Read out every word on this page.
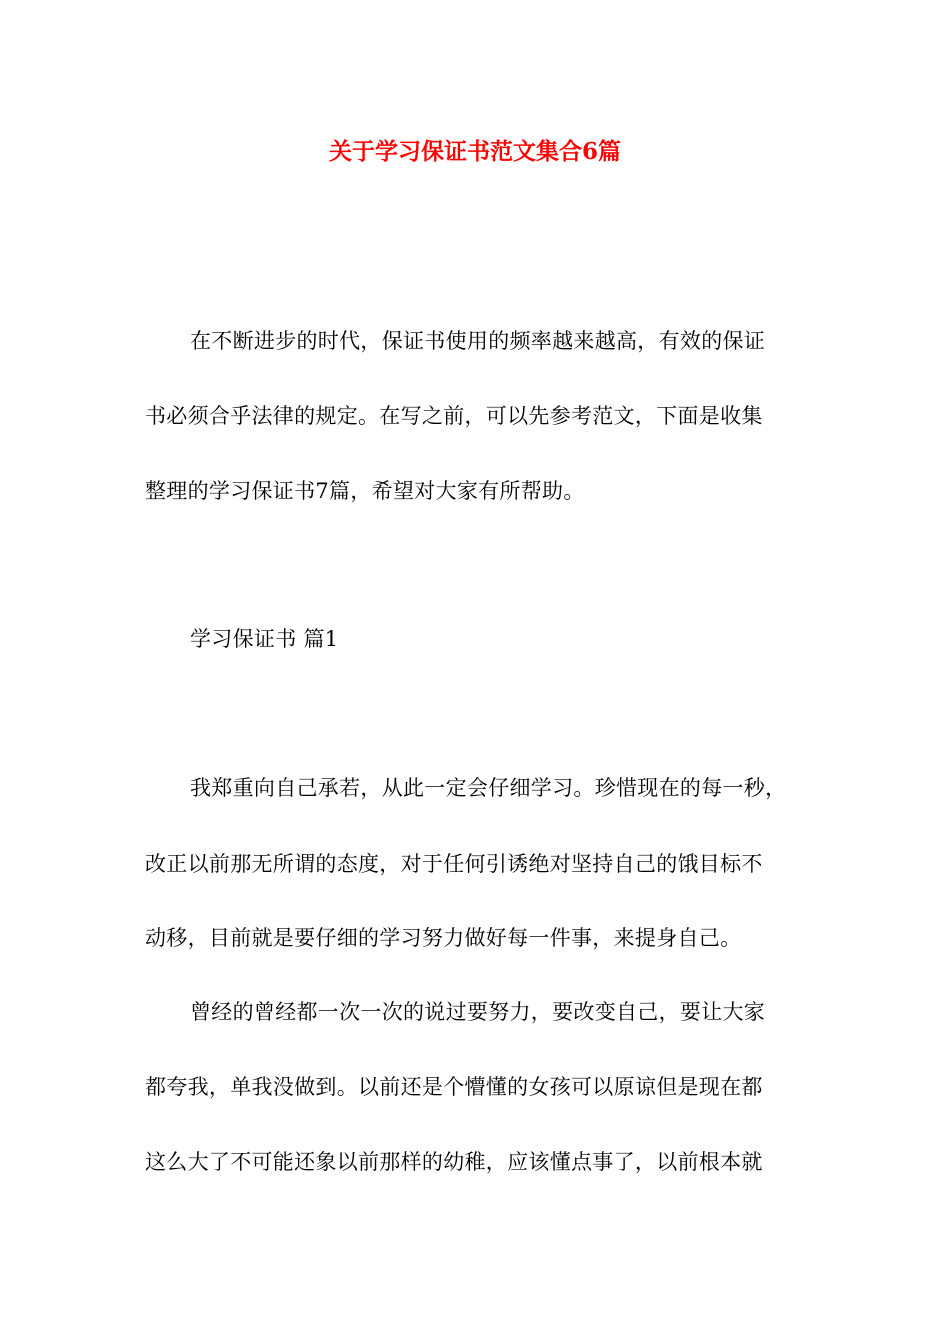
关于学习保证书范文集合6篇
在不断进步的时代，保证书使用的频率越来越高，有效的保证
书必须合乎法律的规定。在写之前，可以先参考范文，下面是收集
整理的学习保证书7篇，希望对大家有所帮助。
学习保证书 篇1
我郑重向自己承若，从此一定会仔细学习。珍惜现在的每一秒，
改正以前那无所谓的态度，对于任何引诱绝对坚持自己的饿目标不
动移，目前就是要仔细的学习努力做好每一件事，来提身自己。
曾经的曾经都一次一次的说过要努力，要改变自己，要让大家
都夸我，单我没做到。以前还是个懵懂的女孩可以原谅但是现在都
这么大了不可能还象以前那样的幼稚，应该懂点事了，以前根本就
